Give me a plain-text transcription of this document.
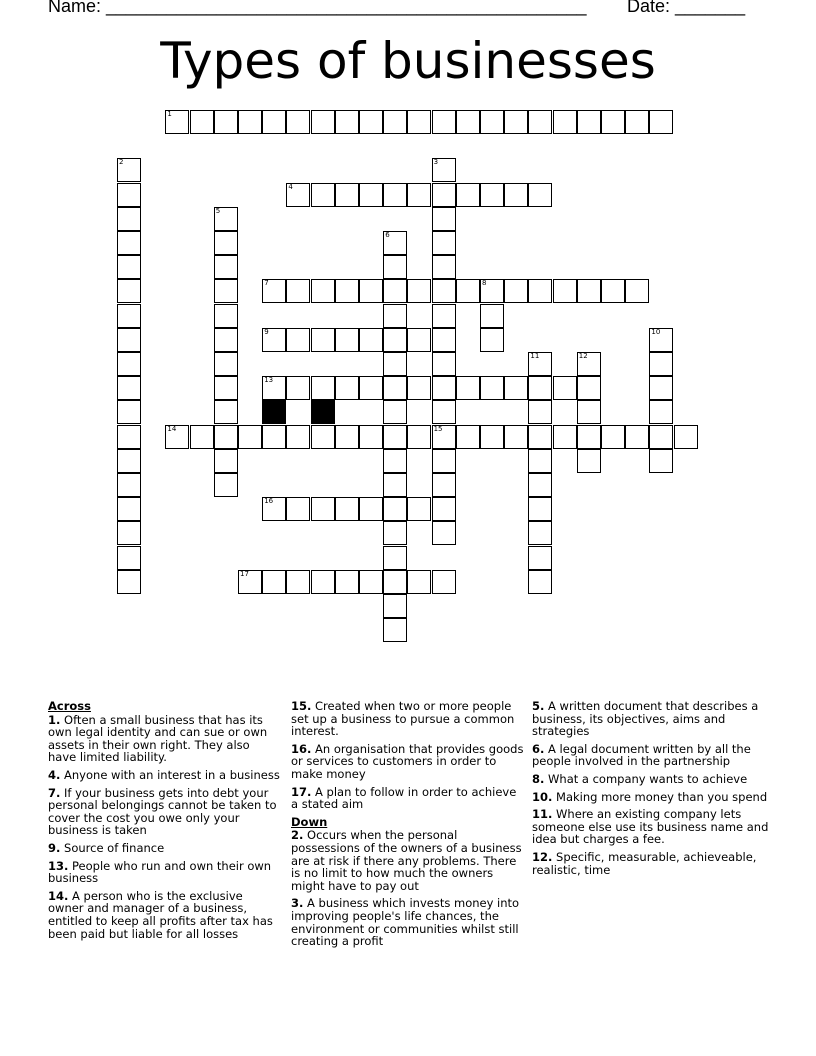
Name: ________________________________________________ Date: _______
Types of businesses
1
2	3
15
4
5
6
7	8
9	10
11	12
13
14
16
17
Across
1. Often a small business that has its own legal identity and can sue or own assets in their own right. They also have limited liability.
4. Anyone with an interest in a business
7. If your business gets into debt your personal belongings cannot be taken to cover the cost you owe only your business is taken
9. Source of finance
13. People who run and own their own business
14. A person who is the exclusive owner and manager of a business, entitled to keep all profits after tax has been paid but liable for all losses
15. Created when two or more people set up a business to pursue a common interest.
16. An organisation that provides goods or services to customers in order to make money
17. A plan to follow in order to achieve a stated aim
Down
2. Occurs when the personal possessions of the owners of a business are at risk if there any problems. There is no limit to how much the owners might have to pay out
3. A business which invests money into improving people's life chances, the environment or communities whilst still creating a profit
5. A written document that describes a business, its objectives, aims and strategies
6. A legal document written by all the people involved in the partnership
8. What a company wants to achieve
10. Making more money than you spend
11. Where an existing company lets someone else use its business name and idea but charges a fee.
12. Specific, measurable, achieveable, realistic, time
